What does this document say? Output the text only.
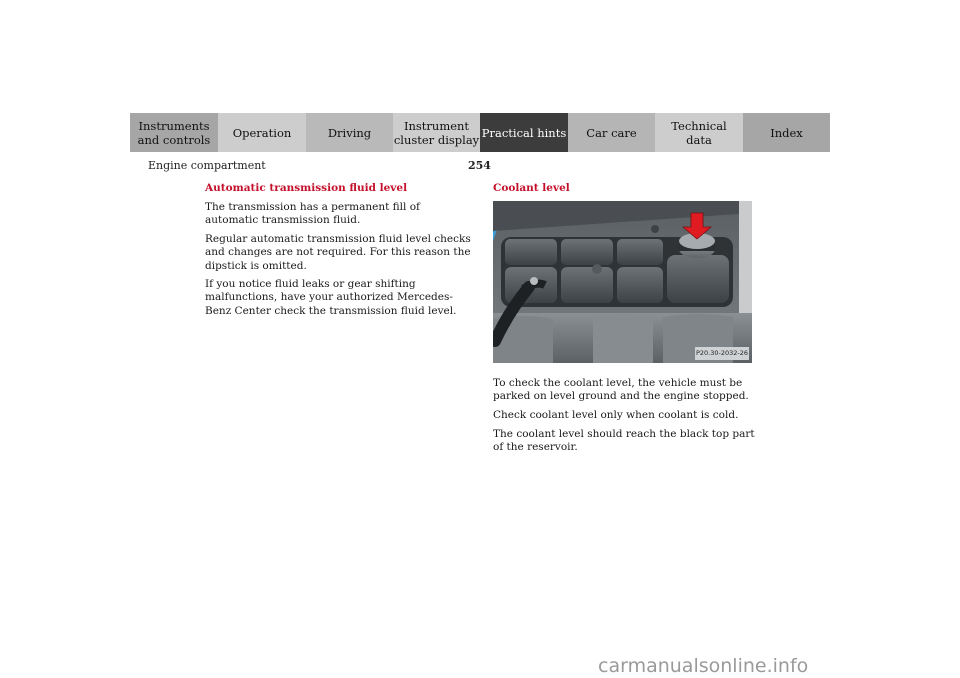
Instruments
and controls Operation	Driving	Instrument
cluster display Practical hints Car care	Technical
data	Index
Engine compartment	254
Automatic transmission fluid level

The transmission has a permanent fill of automatic transmission fluid.

Regular automatic transmission fluid level checks and changes are not required. For this reason the dipstick is omitted.

If you notice fluid leaks or gear shifting malfunctions, have your authorized Mercedes-Benz Center check the transmission fluid level.

Coolant level
P20.30-2032-26

To check the coolant level, the vehicle must be parked on level ground and the engine stopped.

Check coolant level only when coolant is cold.

The coolant level should reach the black top part of the reservoir.

carmanualsonline.info
